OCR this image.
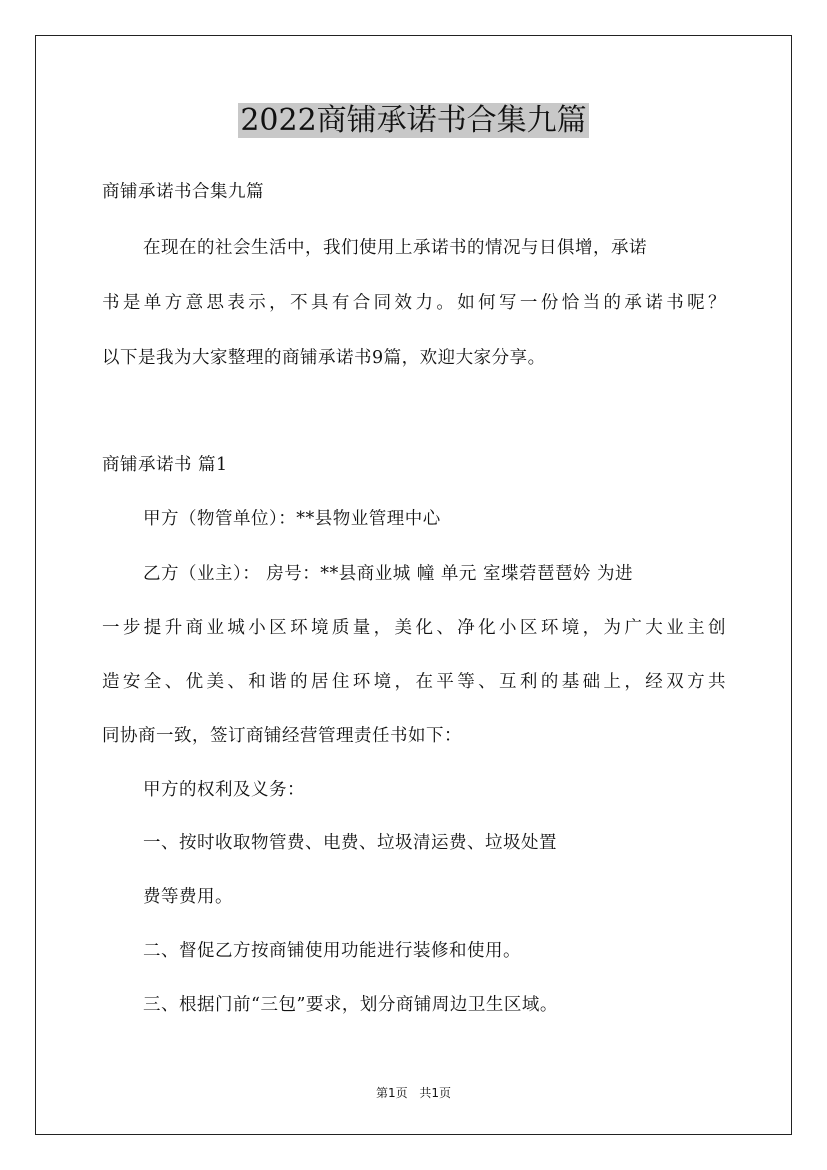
2022商铺承诺书合集九篇
商铺承诺书合集九篇
在现在的社会生活中，我们使用上承诺书的情况与日俱增，承诺
书是单方意思表示，不具有合同效力。如何写一份恰当的承诺书呢？
以下是我为大家整理的商铺承诺书9篇，欢迎大家分享。
商铺承诺书 篇1
甲方（物管单位）：**县物业管理中心
乙方（业主）： 房号：**县商业城 幢 单元 室堞菪琶琶妗 为进
一步提升商业城小区环境质量，美化、净化小区环境，为广大业主创
造安全、优美、和谐的居住环境，在平等、互利的基础上，经双方共
同协商一致，签订商铺经营管理责任书如下：
甲方的权利及义务：
一、按时收取物管费、电费、垃圾清运费、垃圾处置
费等费用。
二、督促乙方按商铺使用功能进行装修和使用。
三、根据门前“三包”要求，划分商铺周边卫生区域。
第1页 共1页
